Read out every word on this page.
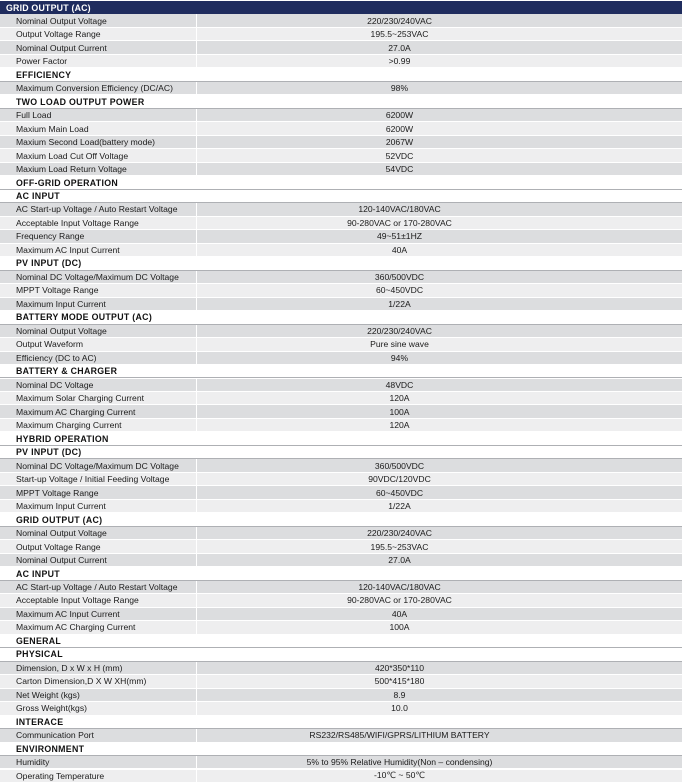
GRID OUTPUT (AC)
Nominal Output Voltage	220/230/240VAC
Output Voltage Range	195.5~253VAC
Nominal Output Current	27.0A
Power Factor	>0.99
EFFICIENCY
Maximum Conversion Efficiency (DC/AC)	98%
TWO LOAD OUTPUT POWER
Full Load	6200W
Maxium Main Load	6200W
Maxium Second Load(battery mode)	2067W
Maxium Load Cut Off Voltage	52VDC
Maxium Load Return Voltage	54VDC
OFF-GRID OPERATION
AC INPUT
AC Start-up Voltage / Auto Restart Voltage	120-140VAC/180VAC
Acceptable Input Voltage Range	90-280VAC or 170-280VAC
Frequency Range	49~51±1HZ
Maximum AC Input Current	40A
PV INPUT (DC)
Nominal DC Voltage/Maximum DC Voltage	360/500VDC
MPPT Voltage Range	60~450VDC
Maximum Input Current	1/22A
BATTERY MODE OUTPUT (AC)
Nominal Output Voltage	220/230/240VAC
Output Waveform	Pure sine wave
Efficiency (DC to AC)	94%
BATTERY & CHARGER
Nominal DC Voltage	48VDC
Maximum Solar Charging Current	120A
Maximum AC Charging Current	100A
Maximum Charging Current	120A
HYBRID OPERATION
PV INPUT (DC)
Nominal DC Voltage/Maximum DC Voltage	360/500VDC
Start-up Voltage / Initial Feeding Voltage	90VDC/120VDC
MPPT Voltage Range	60~450VDC
Maximum Input Current	1/22A
GRID OUTPUT (AC)
Nominal Output Voltage	220/230/240VAC
Output Voltage Range	195.5~253VAC
Nominal Output Current	27.0A
AC INPUT
AC Start-up Voltage / Auto Restart Voltage	120-140VAC/180VAC
Acceptable Input Voltage Range	90-280VAC or 170-280VAC
Maximum AC Input Current	40A
Maximum AC Charging Current	100A
GENERAL
PHYSICAL
Dimension, D x W x H (mm)	420*350*110
Carton Dimension,D X W XH(mm)	500*415*180
Net Weight (kgs)	8.9
Gross Weight(kgs)	10.0
INTERACE
Communication Port	RS232/RS485/WIFI/GPRS/LITHIUM BATTERY
ENVIRONMENT
Humidity	5% to 95% Relative Humidity(Non – condensing)
Operating Temperature	-10℃ ~ 50℃
